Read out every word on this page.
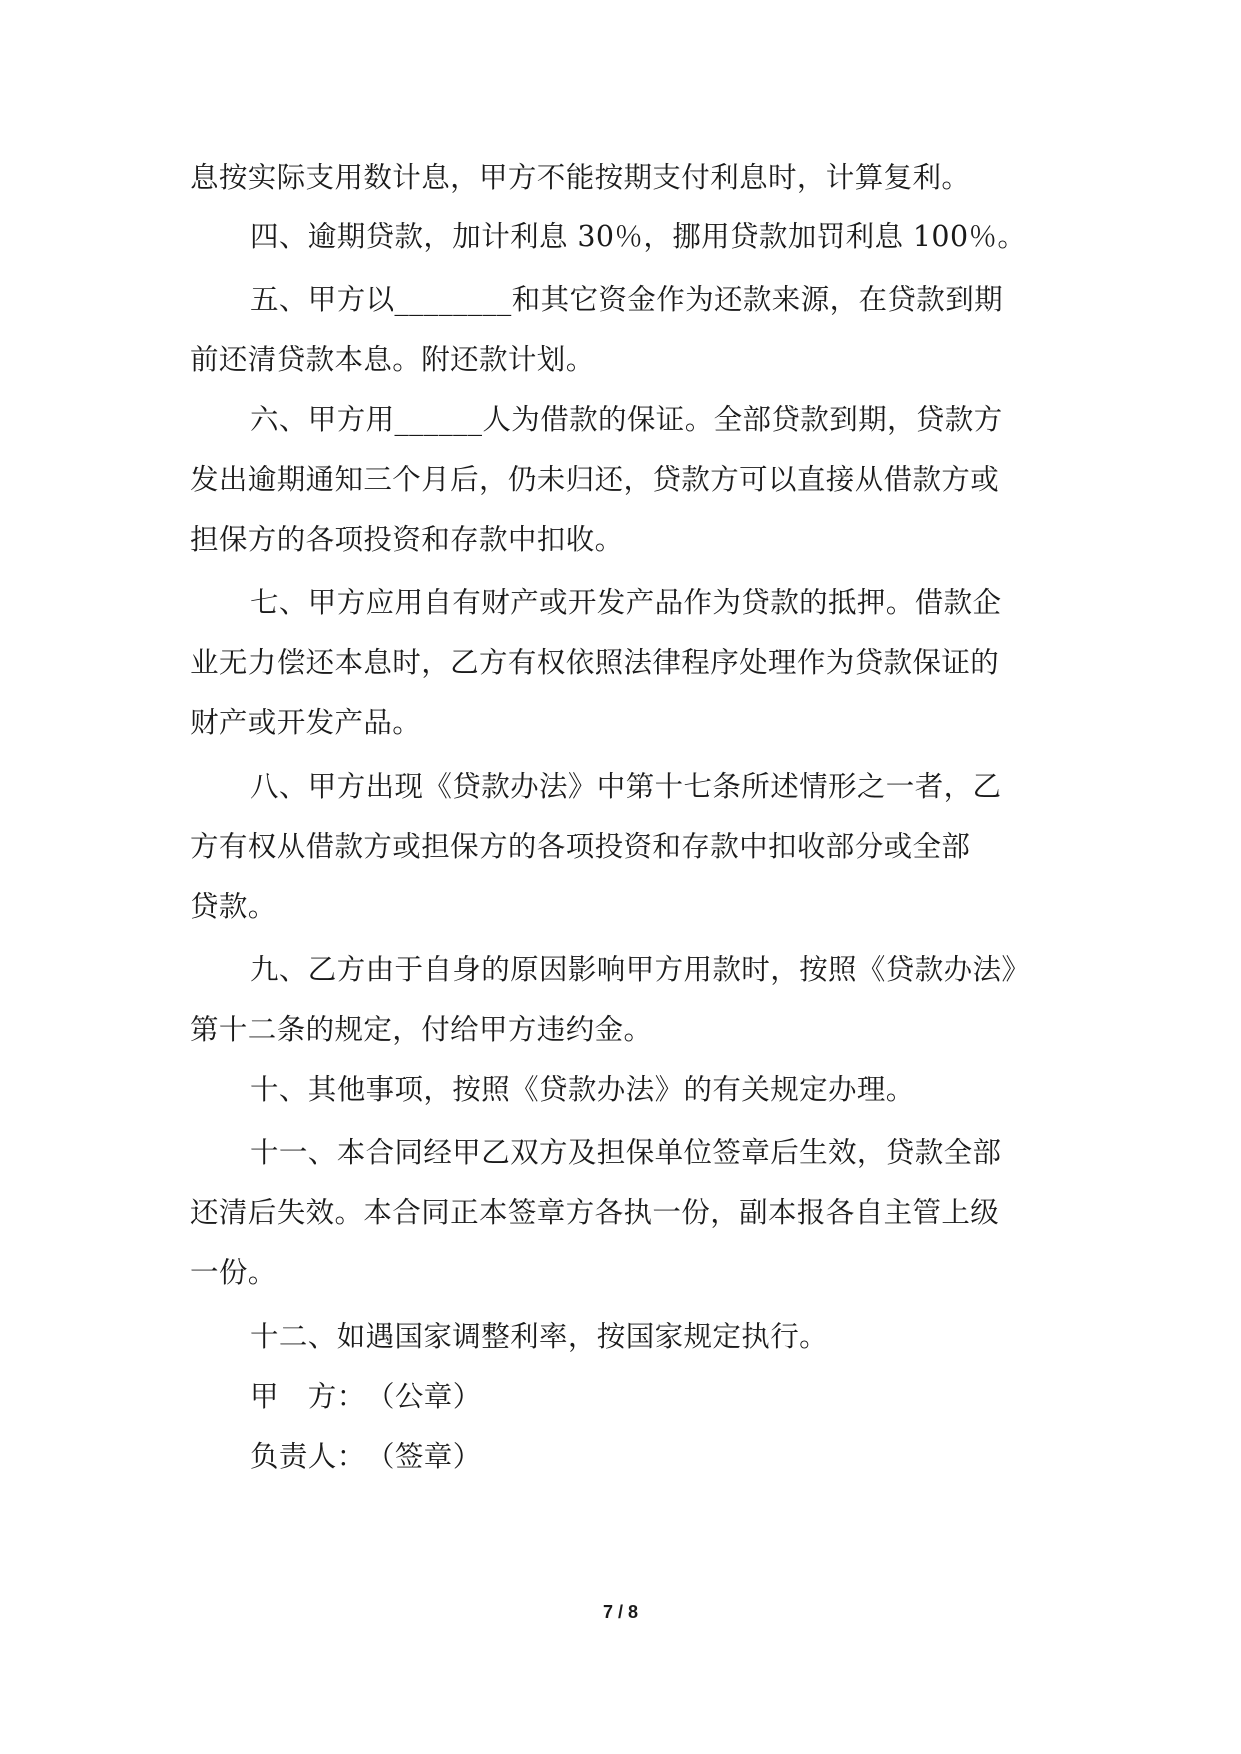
息按实际支用数计息，甲方不能按期支付利息时，计算复利。
四、逾期贷款，加计利息 30％，挪用贷款加罚利息 100％。
五、甲方以________和其它资金作为还款来源，在贷款到期
前还清贷款本息。附还款计划。
六、甲方用______人为借款的保证。全部贷款到期，贷款方
发出逾期通知三个月后，仍未归还，贷款方可以直接从借款方或
担保方的各项投资和存款中扣收。
七、甲方应用自有财产或开发产品作为贷款的抵押。借款企
业无力偿还本息时，乙方有权依照法律程序处理作为贷款保证的
财产或开发产品。
八、甲方出现《贷款办法》中第十七条所述情形之一者，乙
方有权从借款方或担保方的各项投资和存款中扣收部分或全部
贷款。
九、乙方由于自身的原因影响甲方用款时，按照《贷款办法》
第十二条的规定，付给甲方违约金。
十、其他事项，按照《贷款办法》的有关规定办理。
十一、本合同经甲乙双方及担保单位签章后生效，贷款全部
还清后失效。本合同正本签章方各执一份，副本报各自主管上级
一份。
十二、如遇国家调整利率，按国家规定执行。
甲　方：　（公章）
负责人：　（签章）
7 / 8
